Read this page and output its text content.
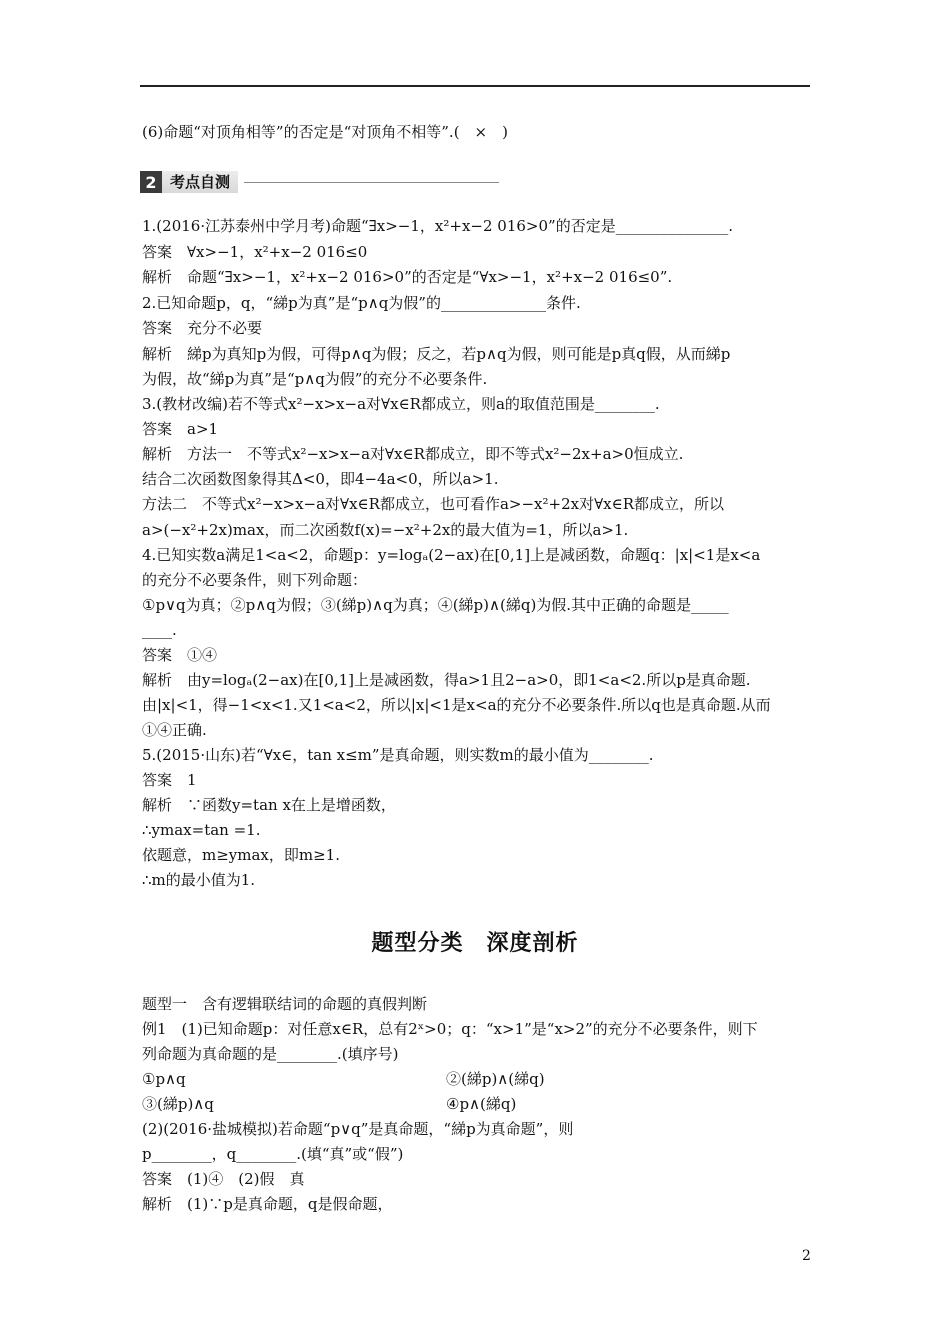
(6)命题“对顶角相等”的否定是“对顶角不相等”.(　×　)
2 考点自测
1.(2016·江苏泰州中学月考)命题“∃x>−1，x²+x−2 016>0”的否定是_______________.
答案　∀x>−1，x²+x−2 016≤0
解析　命题“∃x>−1，x²+x−2 016>0”的否定是“∀x>−1，x²+x−2 016≤0”.
2.已知命题p，q，“綈p为真”是“p∧q为假”的______________条件.
答案　充分不必要
解析　綈p为真知p为假，可得p∧q为假；反之，若p∧q为假，则可能是p真q假，从而綈p
为假，故“綈p为真”是“p∧q为假”的充分不必要条件.
3.(教材改编)若不等式x²−x>x−a对∀x∈R都成立，则a的取值范围是________.
答案　a>1
解析　方法一　不等式x²−x>x−a对∀x∈R都成立，即不等式x²−2x+a>0恒成立.
结合二次函数图象得其Δ<0，即4−4a<0，所以a>1.
方法二　不等式x²−x>x−a对∀x∈R都成立，也可看作a>−x²+2x对∀x∈R都成立，所以
a>(−x²+2x)max，而二次函数f(x)=−x²+2x的最大值为=1，所以a>1.
4.已知实数a满足1<a<2，命题p：y=logₐ(2−ax)在[0,1]上是减函数，命题q：|x|<1是x<a
的充分不必要条件，则下列命题：
①p∨q为真；②p∧q为假；③(綈p)∧q为真；④(綈p)∧(綈q)为假.其中正确的命题是_____
____.
答案　①④
解析　由y=logₐ(2−ax)在[0,1]上是减函数，得a>1且2−a>0，即1<a<2.所以p是真命题.
由|x|<1，得−1<x<1.又1<a<2，所以|x|<1是x<a的充分不必要条件.所以q也是真命题.从而
①④正确.
5.(2015·山东)若“∀x∈，tan x≤m”是真命题，则实数m的最小值为________.
答案　1
解析　∵函数y=tan x在上是增函数，
∴ymax=tan =1.
依题意，m≥ymax，即m≥1.
∴m的最小值为1.
题型分类　深度剖析
题型一　含有逻辑联结词的命题的真假判断
例1　(1)已知命题p：对任意x∈R，总有2ˣ>0；q：“x>1”是“x>2”的充分不必要条件，则下
列命题为真命题的是________.(填序号)
①p∧q	②(綈p)∧(綈q)
③(綈p)∧q	④p∧(綈q)
(2)(2016·盐城模拟)若命题“p∨q”是真命题，“綈p为真命题”，则
p________，q________.(填“真”或“假”)
答案　(1)④　(2)假　真
解析　(1)∵p是真命题，q是假命题，
2
